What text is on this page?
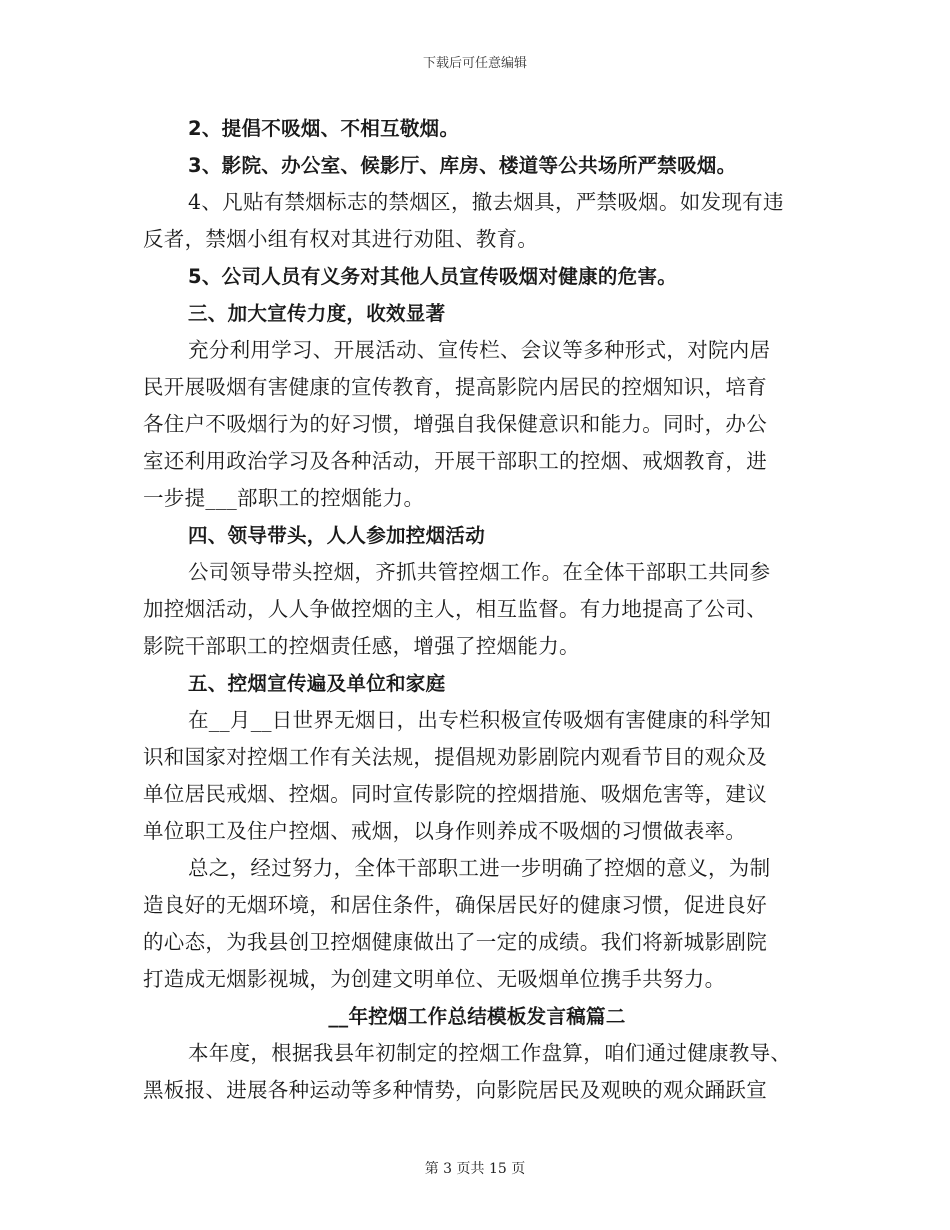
下载后可任意编辑
2、提倡不吸烟、不相互敬烟。
3、影院、办公室、候影厅、库房、楼道等公共场所严禁吸烟。
4、凡贴有禁烟标志的禁烟区，撤去烟具，严禁吸烟。如发现有违
反者，禁烟小组有权对其进行劝阻、教育。
5、公司人员有义务对其他人员宣传吸烟对健康的危害。
三、加大宣传力度，收效显著
充分利用学习、开展活动、宣传栏、会议等多种形式，对院内居
民开展吸烟有害健康的宣传教育，提高影院内居民的控烟知识，培育
各住户不吸烟行为的好习惯，增强自我保健意识和能力。同时，办公
室还利用政治学习及各种活动，开展干部职工的控烟、戒烟教育，进
一步提___部职工的控烟能力。
四、领导带头，人人参加控烟活动
公司领导带头控烟，齐抓共管控烟工作。在全体干部职工共同参
加控烟活动，人人争做控烟的主人，相互监督。有力地提高了公司、
影院干部职工的控烟责任感，增强了控烟能力。
五、控烟宣传遍及单位和家庭
在__月__日世界无烟日，出专栏积极宣传吸烟有害健康的科学知
识和国家对控烟工作有关法规，提倡规劝影剧院内观看节目的观众及
单位居民戒烟、控烟。同时宣传影院的控烟措施、吸烟危害等，建议
单位职工及住户控烟、戒烟，以身作则养成不吸烟的习惯做表率。
总之，经过努力，全体干部职工进一步明确了控烟的意义，为制
造良好的无烟环境，和居住条件，确保居民好的健康习惯，促进良好
的心态，为我县创卫控烟健康做出了一定的成绩。我们将新城影剧院
打造成无烟影视城，为创建文明单位、无吸烟单位携手共努力。
__年控烟工作总结模板发言稿篇二
本年度，根据我县年初制定的控烟工作盘算，咱们通过健康教导、
黑板报、进展各种运动等多种情势，向影院居民及观映的观众踊跃宣
第 3 页共 15 页
